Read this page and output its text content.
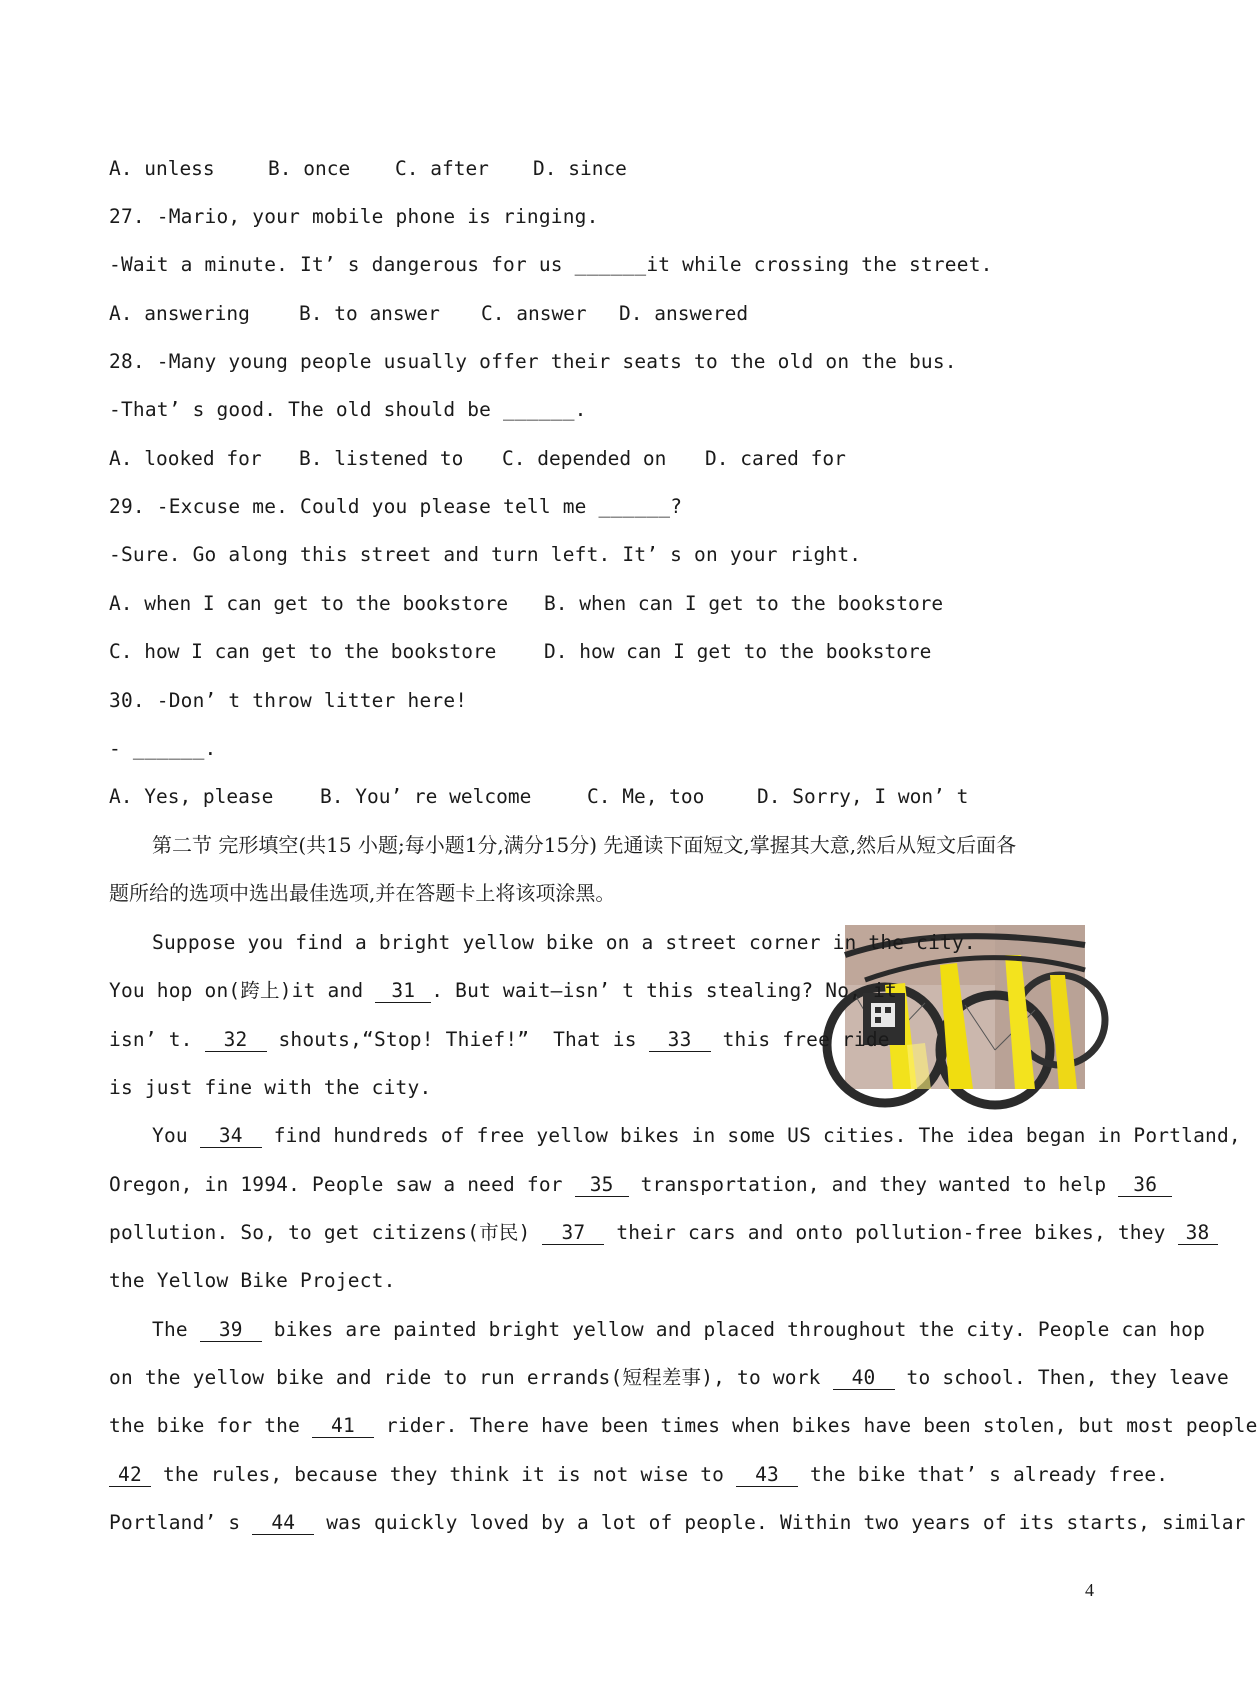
A. unless	B. once C. after D. since
27. -Mario, your mobile phone is ringing.
-Wait a minute. It’ s dangerous for us ______it while crossing the street.
A. answering	B. to answer C. answer D. answered
28. -Many young people usually offer their seats to the old on the bus.
-That’ s good. The old should be ______.
A. looked for B. listened to C. depended on D. cared for
29. -Excuse me. Could you please tell me ______?
-Sure. Go along this street and turn left. It’ s on your right.
A. when I can get to the bookstore B. when can I get to the bookstore
C. how I can get to the bookstore D. how can I get to the bookstore
30. -Don’ t throw litter here!
- ______.
A. Yes, please B. You’ re welcome	C. Me, too	D. Sorry, I won’ t
第二节 完形填空(共15 小题;每小题1分,满分15分) 先通读下面短文,掌握其大意,然后从短文后面各
题所给的选项中选出最佳选项,并在答题卡上将该项涂黑。
Suppose you find a bright yellow bike on a street corner in the city.
You hop on(跨上)it and 31 . But wait—isn’ t this stealing? No, it
isn’ t. 32 shouts,“Stop! Thief!”  That is 33 this free ride
is just fine with the city.
You 34 find hundreds of free yellow bikes in some US cities. The idea began in Portland,
Oregon, in 1994. People saw a need for 35 transportation, and they wanted to help 36
pollution. So, to get citizens(市民) 37 their cars and onto pollution-free bikes, they 38
the Yellow Bike Project.
The 39 bikes are painted bright yellow and placed throughout the city. People can hop
on the yellow bike and ride to run errands(短程差事), to work 40 to school. Then, they leave
the bike for the 41 rider. There have been times when bikes have been stolen, but most people
42 the rules, because they think it is not wise to 43 the bike that’ s already free.
Portland’ s 44 was quickly loved by a lot of people. Within two years of its starts, similar
4
